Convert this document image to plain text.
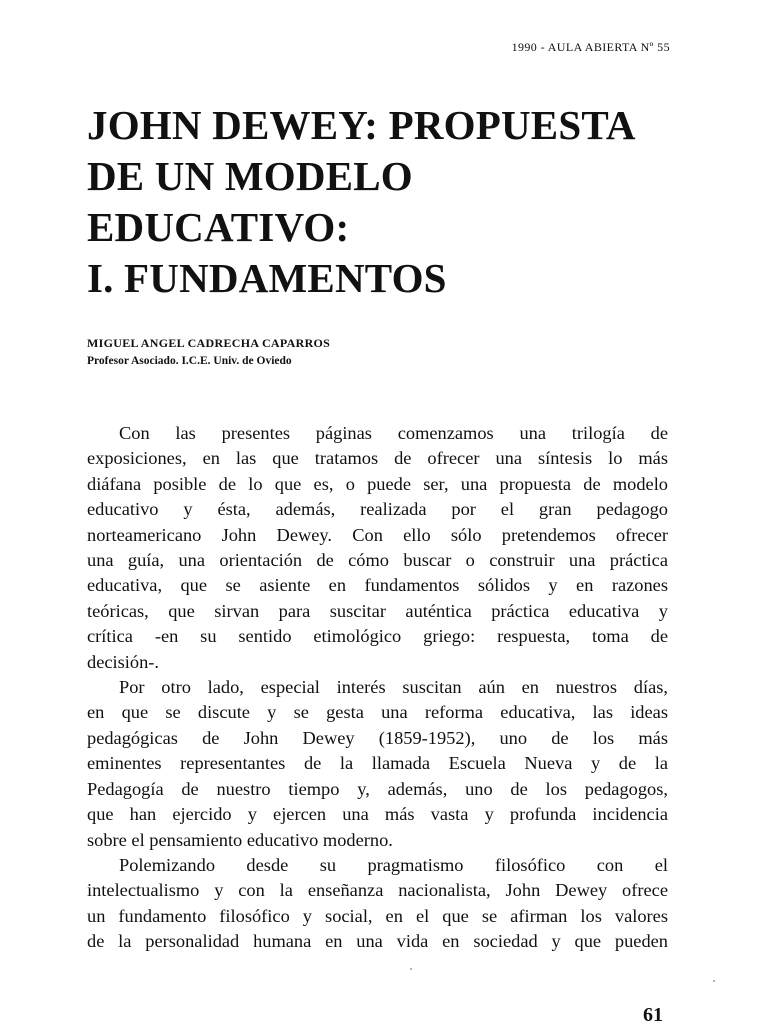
1990 - AULA ABIERTA Nº 55
JOHN DEWEY: PROPUESTA
DE UN MODELO
EDUCATIVO:
I. FUNDAMENTOS
MIGUEL ANGEL CADRECHA CAPARROS
Profesor Asociado. I.C.E. Univ. de Oviedo

Con las presentes páginas comenzamos una trilogía de
exposiciones, en las que tratamos de ofrecer una síntesis lo más
diáfana posible de lo que es, o puede ser, una propuesta de modelo
educativo y ésta, además, realizada por el gran pedagogo
norteamericano John Dewey. Con ello sólo pretendemos ofrecer
una guía, una orientación de cómo buscar o construir una práctica
educativa, que se asiente en fundamentos sólidos y en razones
teóricas, que sirvan para suscitar auténtica práctica educativa y
crítica -en su sentido etimológico griego: respuesta, toma de
decisión-.

Por otro lado, especial interés suscitan aún en nuestros días,
en que se discute y se gesta una reforma educativa, las ideas
pedagógicas de John Dewey (1859-1952), uno de los más
eminentes representantes de la llamada Escuela Nueva y de la
Pedagogía de nuestro tiempo y, además, uno de los pedagogos,
que han ejercido y ejercen una más vasta y profunda incidencia
sobre el pensamiento educativo moderno.

Polemizando desde su pragmatismo filosófico con el
intelectualismo y con la enseñanza nacionalista, John Dewey ofrece
un fundamento filosófico y social, en el que se afirman los valores
de la personalidad humana en una vida en sociedad y que pueden

61
